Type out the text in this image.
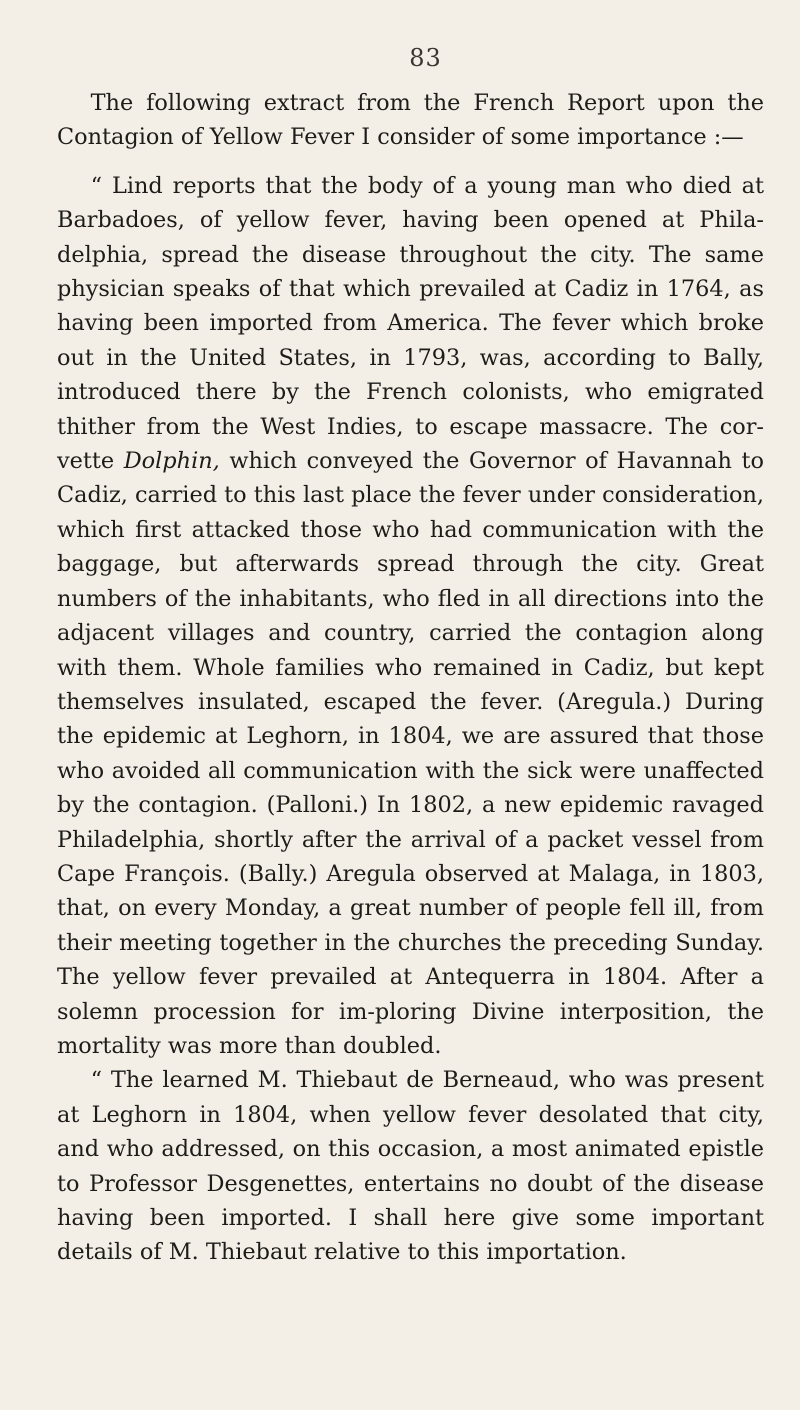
83

The following extract from the French Report upon the Contagion of Yellow Fever I consider of some importance :—

“ Lind reports that the body of a young man who died at Barbadoes, of yellow fever, having been opened at Phila-delphia, spread the disease throughout the city. The same physician speaks of that which prevailed at Cadiz in 1764, as having been imported from America. The fever which broke out in the United States, in 1793, was, according to Bally, introduced there by the French colonists, who emigrated thither from the West Indies, to escape massacre. The cor-vette Dolphin, which conveyed the Governor of Havannah to Cadiz, carried to this last place the fever under consideration, which first attacked those who had communication with the baggage, but afterwards spread through the city. Great numbers of the inhabitants, who fled in all directions into the adjacent villages and country, carried the contagion along with them. Whole families who remained in Cadiz, but kept themselves insulated, escaped the fever. (Aregula.) During the epidemic at Leghorn, in 1804, we are assured that those who avoided all communication with the sick were unaffected by the contagion. (Palloni.) In 1802, a new epidemic ravaged Philadelphia, shortly after the arrival of a packet vessel from Cape François. (Bally.) Aregula observed at Malaga, in 1803, that, on every Monday, a great number of people fell ill, from their meeting together in the churches the preceding Sunday. The yellow fever prevailed at Antequerra in 1804. After a solemn procession for im-ploring Divine interposition, the mortality was more than doubled.

“ The learned M. Thiebaut de Berneaud, who was present at Leghorn in 1804, when yellow fever desolated that city, and who addressed, on this occasion, a most animated epistle to Professor Desgenettes, entertains no doubt of the disease having been imported. I shall here give some important details of M. Thiebaut relative to this importation.
